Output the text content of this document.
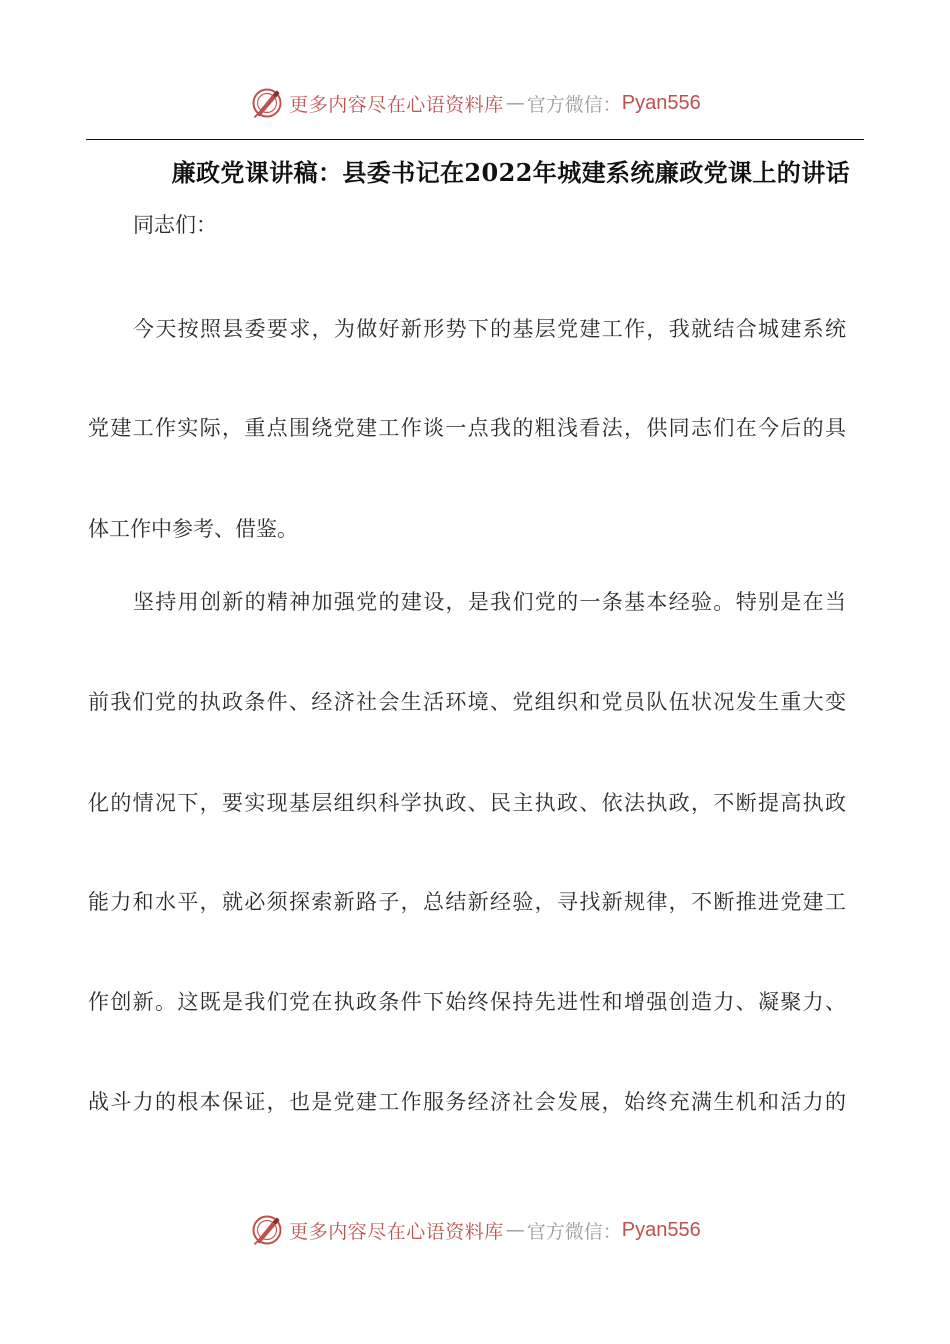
更多内容尽在心语资料库 — 官方微信： Pyan556
廉政党课讲稿：县委书记在2022年城建系统廉政党课上的讲话
同志们：
今天按照县委要求，为做好新形势下的基层党建工作，我就结合城建系统
党建工作实际，重点围绕党建工作谈一点我的粗浅看法，供同志们在今后的具
体工作中参考、借鉴。
坚持用创新的精神加强党的建设，是我们党的一条基本经验。特别是在当
前我们党的执政条件、经济社会生活环境、党组织和党员队伍状况发生重大变
化的情况下，要实现基层组织科学执政、民主执政、依法执政，不断提高执政
能力和水平，就必须探索新路子，总结新经验，寻找新规律，不断推进党建工
作创新。这既是我们党在执政条件下始终保持先进性和增强创造力、凝聚力、
战斗力的根本保证，也是党建工作服务经济社会发展，始终充满生机和活力的
更多内容尽在心语资料库 — 官方微信： Pyan556
